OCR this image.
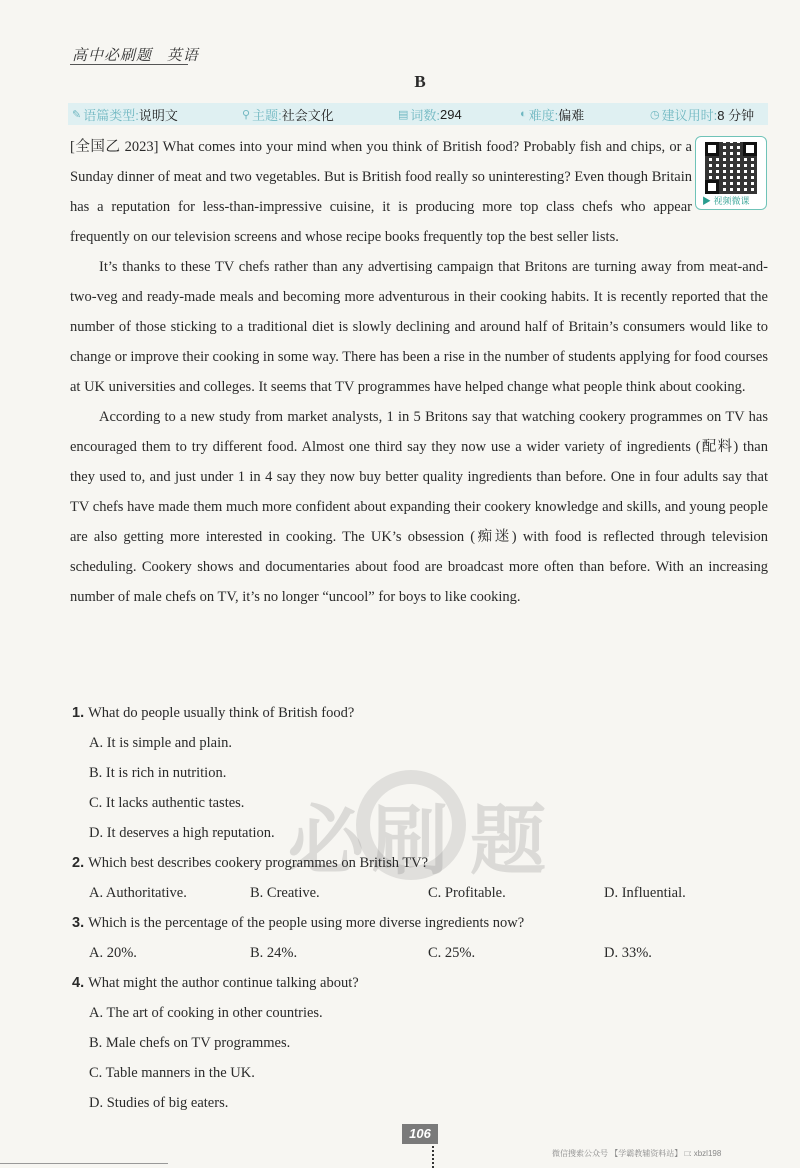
高中必刷题 英语
B
✎ 语篇类型: 说明文	⚲ 主题: 社会文化	▤ 词数: 294	◐ 难度: 偏难	◷ 建议用时: 8 分钟
▶ 视频微课

[全国乙 2023] What comes into your mind when you think of British food? Probably fish and chips, or a Sunday dinner of meat and two vegetables. But is British food really so uninteresting? Even though Britain has a reputation for less-than-impressive cuisine, it is producing more top class chefs who appear frequently on our television screens and whose recipe books frequently top the best seller lists.

It’s thanks to these TV chefs rather than any advertising campaign that Britons are turning away from meat-and-two-veg and ready-made meals and becoming more adventurous in their cooking habits. It is recently reported that the number of those sticking to a traditional diet is slowly declining and around half of Britain’s consumers would like to change or improve their cooking in some way. There has been a rise in the number of students applying for food courses at UK universities and colleges. It seems that TV programmes have helped change what people think about cooking.

According to a new study from market analysts, 1 in 5 Britons say that watching cookery programmes on TV has encouraged them to try different food. Almost one third say they now use a wider variety of ingredients (配料) than they used to, and just under 1 in 4 say they now buy better quality ingredients than before. One in four adults say that TV chefs have made them much more confident about expanding their cookery knowledge and skills, and young people are also getting more interested in cooking. The UK’s obsession (痴迷) with food is reflected through television scheduling. Cookery shows and documentaries about food are broadcast more often than before. With an increasing number of male chefs on TV, it’s no longer “uncool” for boys to like cooking.

必 刷 题
1. What do people usually think of British food?
A. It is simple and plain.
B. It is rich in nutrition.
C. It lacks authentic tastes.
D. It deserves a high reputation.
2. Which best describes cookery programmes on British TV?
A. Authoritative.	B. Creative.	C. Profitable.	D. Influential.
3. Which is the percentage of the people using more diverse ingredients now?
A. 20%.	B. 24%.	C. 25%.	D. 33%.
4. What might the author continue talking about?
A. The art of cooking in other countries.
B. Male chefs on TV programmes.
C. Table manners in the UK.
D. Studies of big eaters.
106
微信搜索公众号 【学霸教辅资料站】 □: xbzl198
